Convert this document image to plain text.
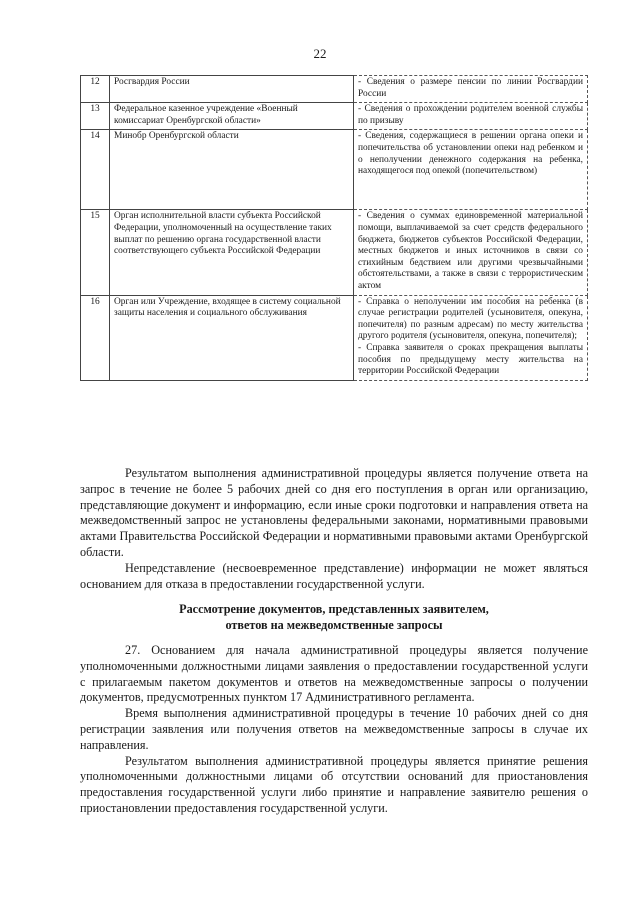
22
12	Росгвардия России	- Сведения о размере пенсии по линии Росгвардии России

13	Федеральное казенное учреждение «Военный комиссариат Оренбургской области»	- Сведения о прохождении родителем военной службы по призыву

14	Минобр Оренбургской области	- Сведения, содержащиеся в решении органа опеки и попечительства об установлении опеки над ребенком и о неполучении денежного содержания на ребенка, находящегося под опекой (попечительством)

15	Орган исполнительной власти субъекта Российской Федерации, уполномоченный на осуществление таких выплат по решению органа государственной власти соответствующего субъекта Российской Федерации	- Сведения о суммах единовременной материальной помощи, выплачиваемой за счет средств федерального бюджета, бюджетов субъектов Российской Федерации, местных бюджетов и иных источников в связи со стихийным бедствием или другими чрезвычайными обстоятельствами, а также в связи с террористическим актом

16	Орган или Учреждение, входящее в систему социальной защиты населения и социального обслуживания	- Справка о неполучении им пособия на ребенка (в случае регистрации родителей (усыновителя, опекуна, попечителя) по разным адресам) по месту жительства другого родителя (усыновителя, опекуна, попечителя);
- Справка заявителя о сроках прекращения выплаты пособия по предыдущему месту жительства на территории Российской Федерации

Результатом выполнения административной процедуры является получение ответа на запрос в течение не более 5 рабочих дней со дня его поступления в орган или организацию, представляющие документ и информацию, если иные сроки подготовки и направления ответа на межведомственный запрос не установлены федеральными законами, нормативными правовыми актами Правительства Российской Федерации и нормативными правовыми актами Оренбургской области.

Непредставление (несвоевременное представление) информации не может являться основанием для отказа в предоставлении государственной услуги.

Рассмотрение документов, представленных заявителем,
ответов на межведомственные запросы

27. Основанием для начала административной процедуры является получение уполномоченными должностными лицами заявления о предоставлении государственной услуги с прилагаемым пакетом документов и ответов на межведомственные запросы о получении документов, предусмотренных пунктом 17 Административного регламента.

Время выполнения административной процедуры в течение 10 рабочих дней со дня регистрации заявления или получения ответов на межведомственные запросы в случае их направления.

Результатом выполнения административной процедуры является принятие решения уполномоченными должностными лицами об отсутствии оснований для приостановления предоставления государственной услуги либо принятие и направление заявителю решения о приостановлении предоставления государственной услуги.
